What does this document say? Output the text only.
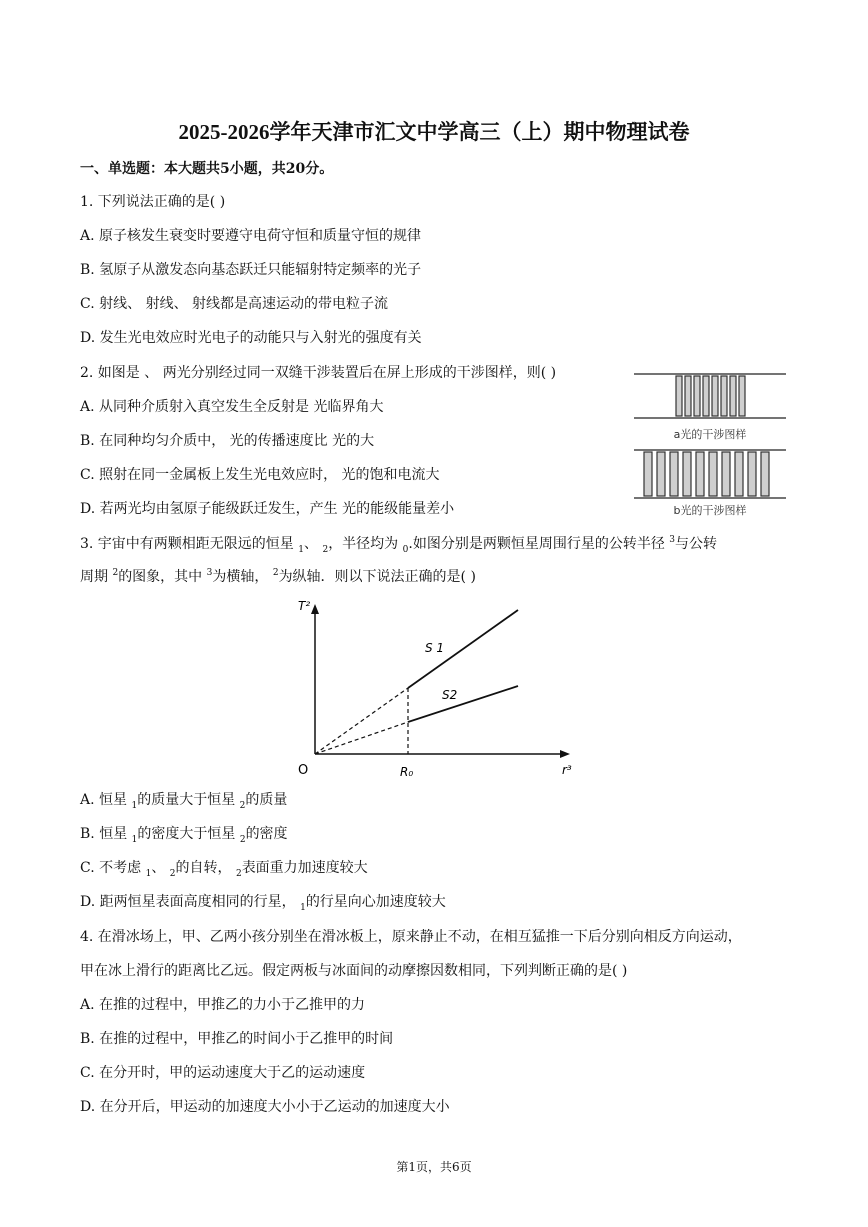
2025-2026学年天津市汇文中学高三（上）期中物理试卷
一、单选题：本大题共5小题，共20分。
1. 下列说法正确的是( )
A. 原子核发生衰变时要遵守电荷守恒和质量守恒的规律
B. 氢原子从激发态向基态跃迁只能辐射特定频率的光子
C. 射线、 射线、 射线都是高速运动的带电粒子流
D. 发生光电效应时光电子的动能只与入射光的强度有关
2. 如图是 、 两光分别经过同一双缝干涉装置后在屏上形成的干涉图样，则( )
A. 从同种介质射入真空发生全反射是 光临界角大
B. 在同种均匀介质中， 光的传播速度比 光的大
C. 照射在同一金属板上发生光电效应时， 光的饱和电流大
D. 若两光均由氢原子能级跃迁发生，产生 光的能级能量差小
a光的干涉图样
b光的干涉图样
3. 宇宙中有两颗相距无限远的恒星 $_1$、 $_2$，半径均为 $_0$.如图分别是两颗恒星周围行星的公转半径 $^3$与公转
周期 $^2$的图象，其中 $^3$为横轴， $^2$为纵轴．则以下说法正确的是( )
T²
r³
O	R₀
S 1
S2
A. 恒星 $_1$的质量大于恒星 $_2$的质量
B. 恒星 $_1$的密度大于恒星 $_2$的密度
C. 不考虑 $_1$、 $_2$的自转， $_2$表面重力加速度较大
D. 距两恒星表面高度相同的行星， $_1$的行星向心加速度较大
4. 在滑冰场上，甲、乙两小孩分别坐在滑冰板上，原来静止不动，在相互猛推一下后分别向相反方向运动，
甲在冰上滑行的距离比乙远。假定两板与冰面间的动摩擦因数相同，下列判断正确的是( )
A. 在推的过程中，甲推乙的力小于乙推甲的力
B. 在推的过程中，甲推乙的时间小于乙推甲的时间
C. 在分开时，甲的运动速度大于乙的运动速度
D. 在分开后，甲运动的加速度大小小于乙运动的加速度大小
第1页，共6页
